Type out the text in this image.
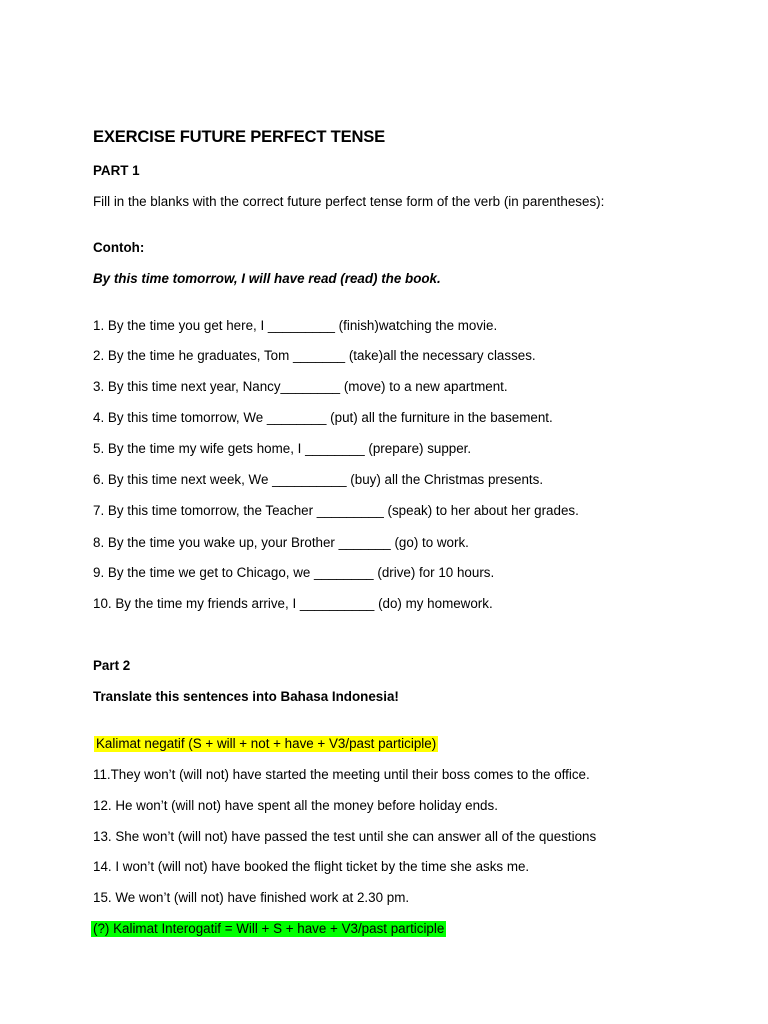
EXERCISE FUTURE PERFECT TENSE
PART 1
Fill in the blanks with the correct future perfect tense form of the verb (in parentheses):
Contoh:
By this time tomorrow, I will have read (read) the book.
1. By the time you get here, I _________ (finish)watching the movie.
2. By the time he graduates, Tom _______ (take)all the necessary classes.
3. By this time next year, Nancy________ (move) to a new apartment.
4. By this time tomorrow, We ________ (put) all the furniture in the basement.
5. By the time my wife gets home, I ________ (prepare) supper.
6. By this time next week, We __________ (buy) all the Christmas presents.
7. By this time tomorrow, the Teacher _________ (speak) to her about her grades.
8. By the time you wake up, your Brother _______ (go) to work.
9. By the time we get to Chicago, we ________ (drive) for 10 hours.
10. By the time my friends arrive, I __________ (do) my homework.
Part 2
Translate this sentences into Bahasa Indonesia!
Kalimat negatif (S + will + not + have + V3/past participle)
11.They won’t (will not) have started the meeting until their boss comes to the office.
12. He won’t (will not) have spent all the money before holiday ends.
13. She won’t (will not) have passed the test until she can answer all of the questions
14. I won’t (will not) have booked the flight ticket by the time she asks me.
15. We won’t (will not) have finished work at 2.30 pm.
(?) Kalimat Interogatif = Will + S + have + V3/past participle
